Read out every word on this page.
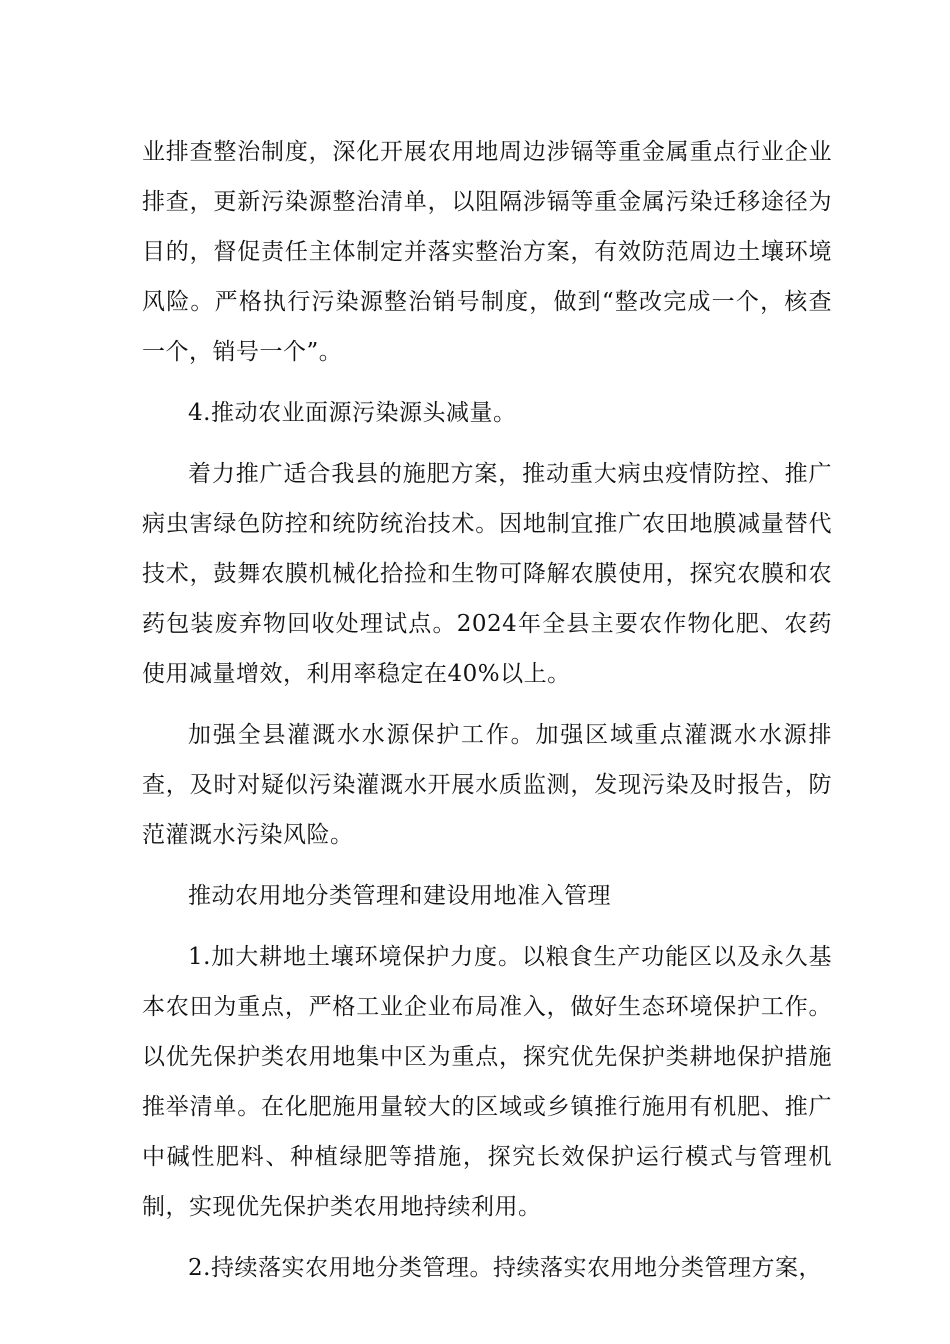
业排查整治制度，深化开展农用地周边涉镉等重金属重点行业企业排查，更新污染源整治清单，以阻隔涉镉等重金属污染迁移途径为目的，督促责任主体制定并落实整治方案，有效防范周边土壤环境风险。严格执行污染源整治销号制度，做到“整改完成一个，核查一个，销号一个”。

4.推动农业面源污染源头减量。

着力推广适合我县的施肥方案，推动重大病虫疫情防控、推广病虫害绿色防控和统防统治技术。因地制宜推广农田地膜减量替代技术，鼓舞农膜机械化拾捡和生物可降解农膜使用，探究农膜和农药包装废弃物回收处理试点。2024年全县主要农作物化肥、农药使用减量增效，利用率稳定在40%以上。

加强全县灌溉水水源保护工作。加强区域重点灌溉水水源排查，及时对疑似污染灌溉水开展水质监测，发现污染及时报告，防范灌溉水污染风险。

推动农用地分类管理和建设用地准入管理

1.加大耕地土壤环境保护力度。以粮食生产功能区以及永久基本农田为重点，严格工业企业布局准入，做好生态环境保护工作。以优先保护类农用地集中区为重点，探究优先保护类耕地保护措施推举清单。在化肥施用量较大的区域或乡镇推行施用有机肥、推广中碱性肥料、种植绿肥等措施，探究长效保护运行模式与管理机制，实现优先保护类农用地持续利用。

2.持续落实农用地分类管理。持续落实农用地分类管理方案，
